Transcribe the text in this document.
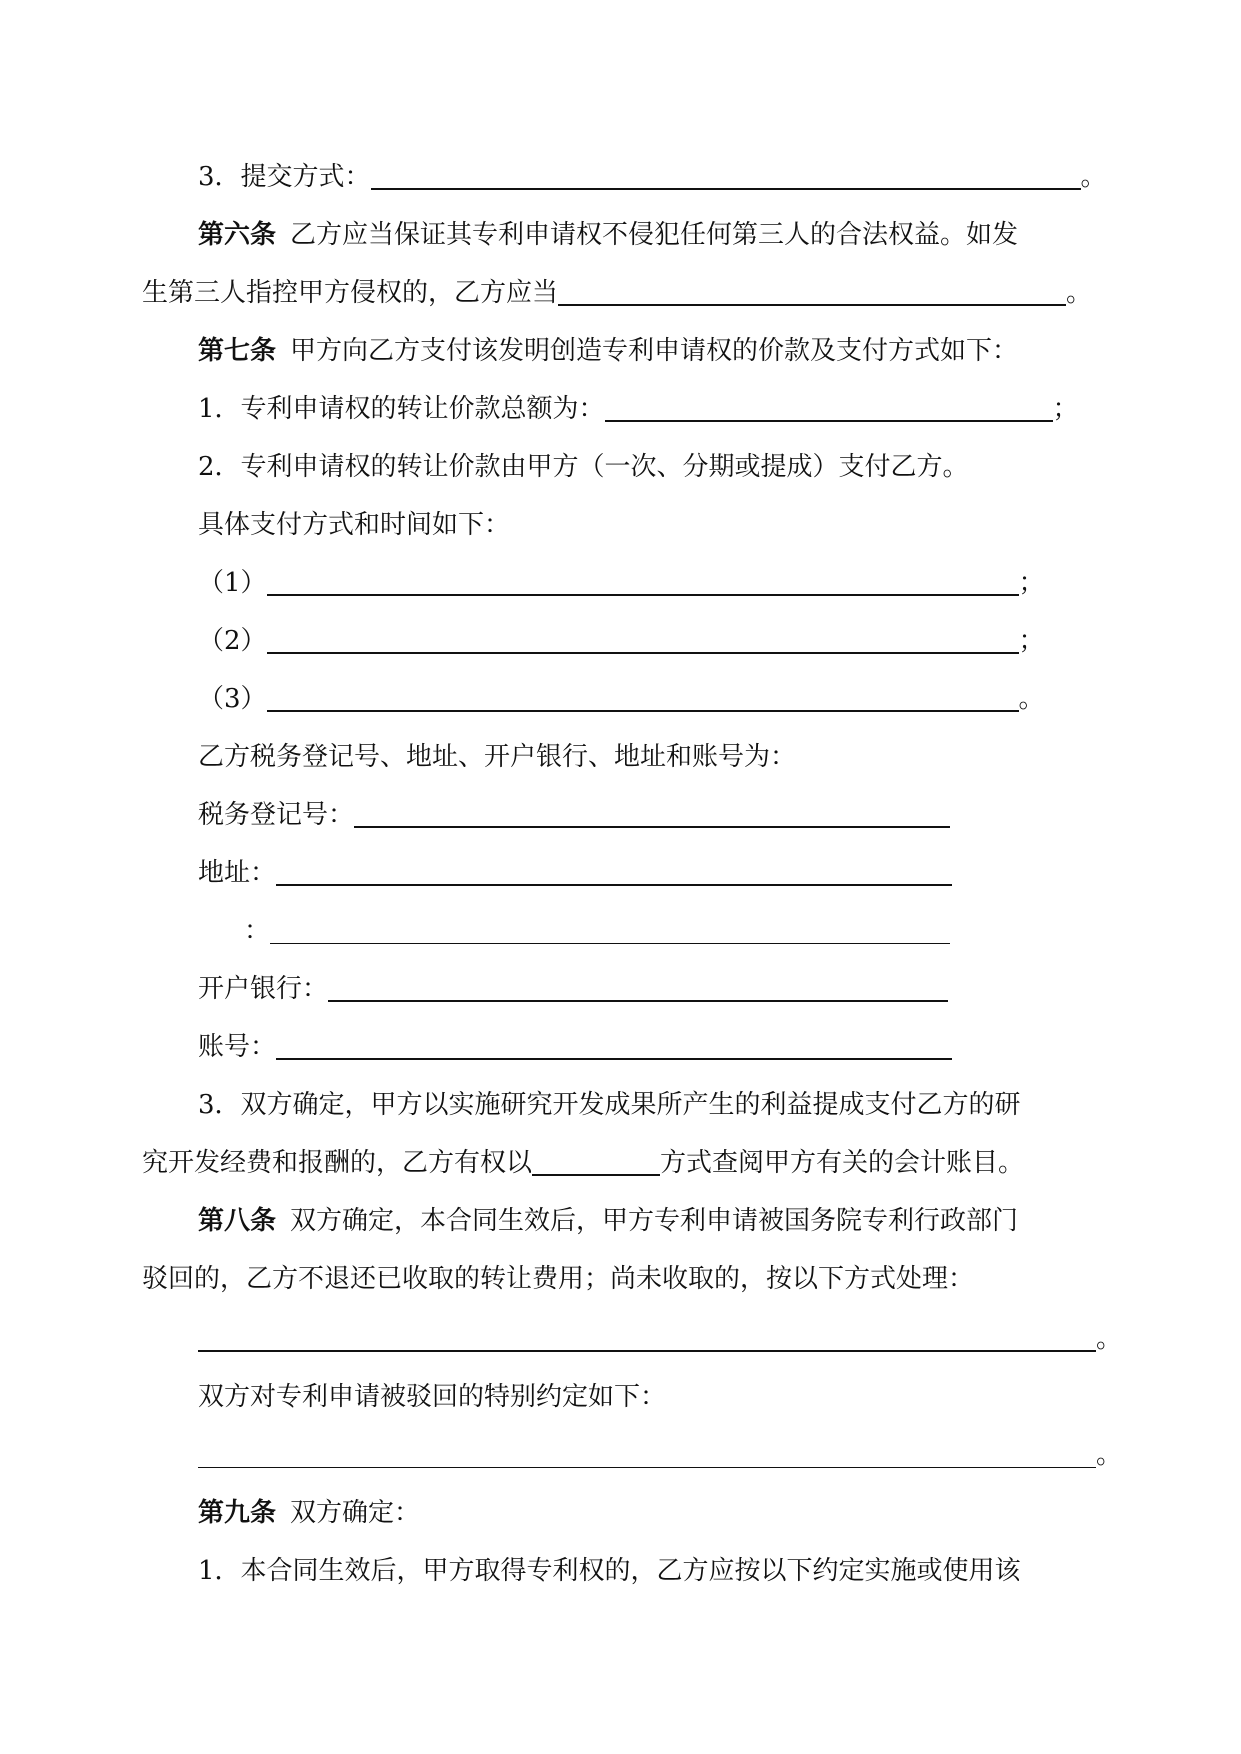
3．提交方式：	。
第六条 乙方应当保证其专利申请权不侵犯任何第三人的合法权益。如发
生第三人指控甲方侵权的，乙方应当	。
第七条 甲方向乙方支付该发明创造专利申请权的价款及支付方式如下：
1．专利申请权的转让价款总额为：	；
2．专利申请权的转让价款由甲方（一次、分期或提成）支付乙方。
具体支付方式和时间如下：
（1）	；
（2）	；
（3）	。
乙方税务登记号、地址、开户银行、地址和账号为：
税务登记号：
地址：
：
开户银行：
账号：
3．双方确定，甲方以实施研究开发成果所产生的利益提成支付乙方的研
究开发经费和报酬的，乙方有权以	方式查阅甲方有关的会计账目。
第八条 双方确定，本合同生效后，甲方专利申请被国务院专利行政部门
驳回的，乙方不退还已收取的转让费用；尚未收取的，按以下方式处理：
。
双方对专利申请被驳回的特别约定如下：
。
第九条 双方确定：
1．本合同生效后，甲方取得专利权的，乙方应按以下约定实施或使用该
